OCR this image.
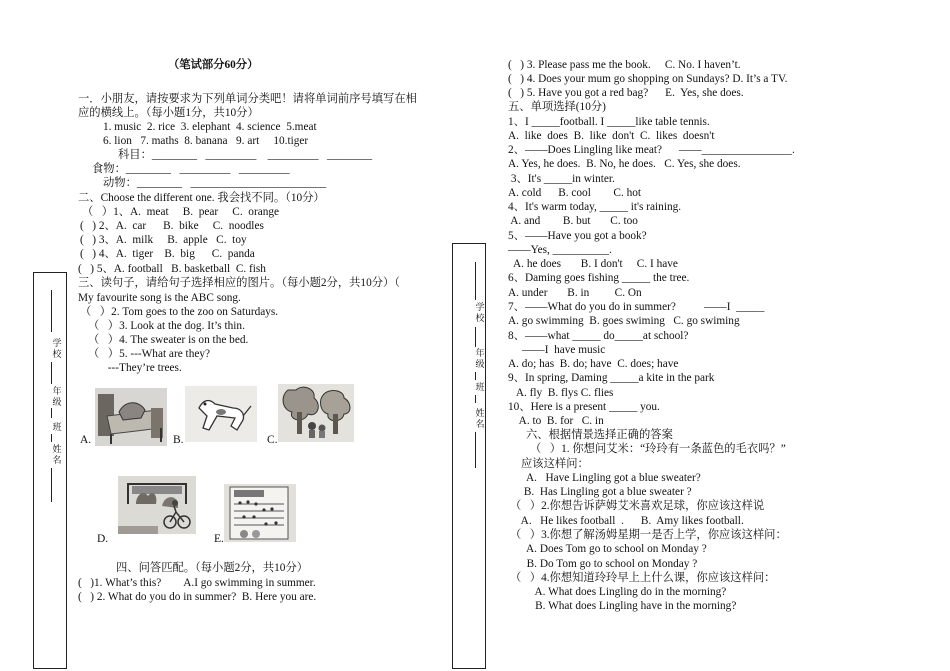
学
校
年
级
班
姓
名
学
校
年
级
班
姓
名
（笔试部分60分）
一．小朋友，请按要求为下列单词分类吧！请将单词前序号填写在相
应的横线上。（每小题1分，共10分）
1. music  2. rice  3. elephant  4. science  5.meat
6. lion   7. maths  8. banana   9. art     10.tiger
科目：________   _________    _________   ________
食物：________   _________   _________
动物：________   ________________________
二、Choose the different one. 我会找不同。（10分）
（   ）1、A.  meat     B.  pear     C.  orange
(   ) 2、A.  car      B.  bike     C.  noodles
(   ) 3、A.  milk     B.  apple   C.  toy
(   ) 4、A.  tiger    B.  big      C.  panda
(   ) 5、A. football   B. basketball  C. fish
三、读句子，请给句子选择相应的图片。（每小题2分，共10分）（
My favourite song is the ABC song.
（   ）2. Tom goes to the zoo on Saturdays.
（   ）3. Look at the dog. It’s thin.
（   ）4. The sweater is on the bed.
（   ）5. ---What are they?
---They’re trees.
A.	B.	C.
D.	E.
四、问答匹配。（每小题2分，共10分）
(   )1. What’s this?        A.I go swimming in summer.
(   ) 2. What do you do in summer?  B. Here you are.
(   ) 3. Please pass me the book.     C. No. I haven’t.
(   ) 4. Does your mum go shopping on Sundays? D. It’s a TV.
(   ) 5. Have you got a red bag?      E.  Yes, she does.
五、单项选择(10分)
1、I _____football. I _____like table tennis.
A.  like  does  B.  like  don't  C.  likes  doesn't
2、——Does Lingling like meat?      ——________________.
A. Yes, he does.  B. No, he does.   C. Yes, she does.
3、It's _____in winter.
A. cold      B. cool        C. hot
4、It's warm today, _____ it's raining.
A. and        B. but       C. too
5、——Have you got a book?
——Yes, __________.
A. he does       B. I don't     C. I have
6、Daming goes fishing _____ the tree.
A. under       B. in         C. On
7、——What do you do in summer?          ——I  _____
A. go swimming  B. goes swiming   C. go swiming
8、——what _____ do_____at school?
——I  have music
A. do; has  B. do; have  C. does; have
9、In spring, Daming _____a kite in the park
A. fly  B. flys C. flies
10、Here is a present _____ you.
A. to  B. for   C. in
六、根据情景选择正确的答案
（   ）1. 你想问艾米：“玲玲有一条蓝色的毛衣吗？”
应该这样问：
A.   Have Lingling got a blue sweater?
B.  Has Lingling got a blue sweater ?
（   ）2.你想告诉萨姆艾米喜欢足球，你应该这样说
A.   He likes football  .      B.  Amy likes football.
（   ）3.你想了解汤姆星期一是否上学，你应该这样问：
A. Does Tom go to school on Monday ?
B. Do Tom go to school on Monday ?
（   ）4.你想知道玲玲早上上什么课，你应该这样问：
A. What does Lingling do in the morning?
B. What does Lingling have in the morning?
